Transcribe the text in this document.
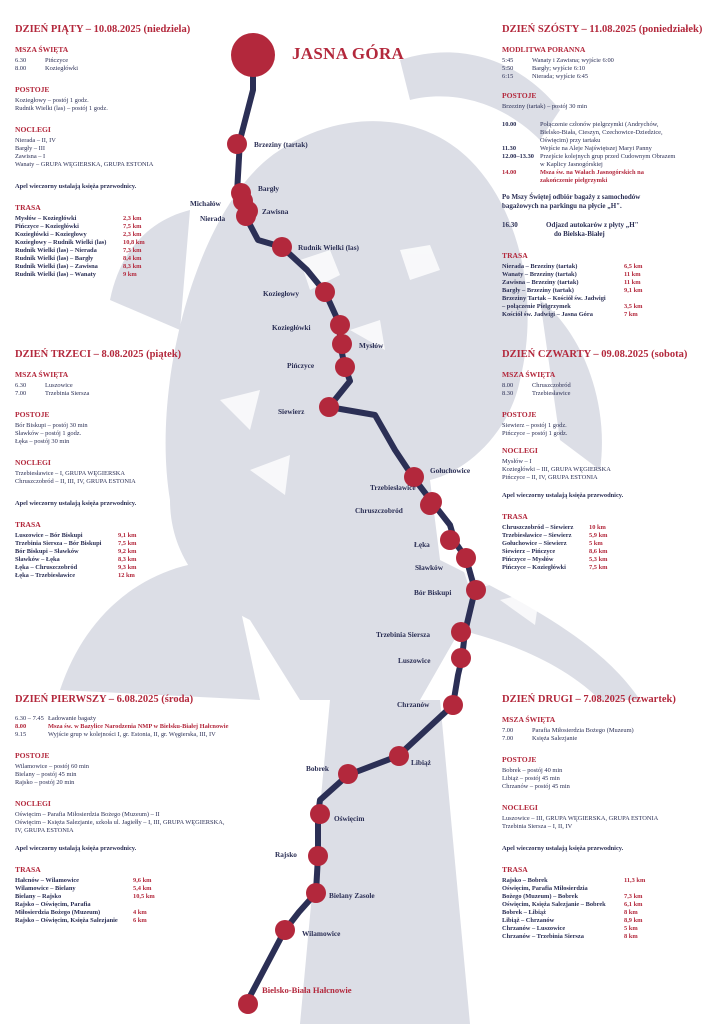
JASNA GÓRA
Bielsko-Biała Hałcnowie
Brzeziny (tartak)
Bargły
Michałów
Zawisna
Nierada
Rudnik Wielki (las)
Koziegłowy
Koziegłówki
Mysłów
Pińczyce
Siewierz
Gołuchowice
Trzebiesławice
Chruszczobród
Łęka
Sławków
Bór Biskupi
Trzebinia Siersza
Luszowice
Chrzanów
Libiąż
Bobrek
Oświęcim
Rajsko
Bielany Zasole
Wilamowice
DZIEŃ PIĄTY – 10.08.2025 (niedziela)
MSZA ŚWIĘTA
6.30	Pińczyce
8.00	Koziegłówki
POSTOJE
Koziegłowy – postój 1 godz.
Rudnik Wielki (las) – postój 1 godz.
NOCLEGI
Nierada – II, IV
Bargły – III
Zawisna – I
Wanaty – GRUPA WĘGIERSKA, GRUPA ESTONIA
Apel wieczorny ustalają księża przewodnicy.
TRASA
Mysłów – Koziegłówki	2,3 km
Pińczyce – Koziegłówki	7,5 km
Koziegłówki – Koziegłowy	2,3 km
Koziegłowy – Rudnik Wielki (las)	10,8 km
Rudnik Wielki (las) – Nierada	7,3 km
Rudnik Wielki (las) – Bargły	8,4 km
Rudnik Wielki (las) – Zawisna	8,3 km
Rudnik Wielki (las) – Wanaty	9 km
DZIEŃ TRZECI – 8.08.2025 (piątek)
MSZA ŚWIĘTA
6.30	Luszowice
7.00	Trzebinia Siersza
POSTOJE
Bór Biskupi – postój 30 min
Sławków – postój 1 godz.
Łęka – postój 30 min
NOCLEGI
Trzebiesławice – I, GRUPA WĘGIERSKA
Chruszczobród – II, III, IV, GRUPA ESTONIA
Apel wieczorny ustalają księża przewodnicy.
TRASA
Luszowice – Bór Biskupi	9,1 km
Trzebinia Siersza – Bór Biskupi	7,5 km
Bór Biskupi – Sławków	9,2 km
Sławków – Łęka	8,3 km
Łęka – Chruszczobród	9,3 km
Łęka – Trzebiesławice	12 km
DZIEŃ PIERWSZY – 6.08.2025 (środa)
6.30 – 7.45 Ładowanie bagaży
8.00	Msza św. w Bazylice Narodzenia NMP w Bielsku-Białej Hałcnowie
9.15	Wyjście grup w kolejności I, gr. Estonia, II, gr. Węgierska, III, IV
POSTOJE
Wilamowice – postój 60 min
Bielany – postój 45 min
Rajsko – postój 20 min
NOCLEGI
Oświęcim – Parafia Miłosierdzia Bożego (Muzeum) – II
Oświęcim – Księża Salezjanie, szkoła ul. Jagiełły – I, III, GRUPA WĘGIERSKA,
IV, GRUPA ESTONIA
Apel wieczorny ustalają księża przewodnicy.
TRASA
Hałcnów – Wilamowice	9,6 km
Wilamowice – Bielany	5,4 km
Bielany – Rajsko	10,5 km
Rajsko – Oświęcim, Parafia
Miłosierdzia Bożego (Muzeum)	4 km
Rajsko – Oświęcim, Księża Salezjanie	6 km
DZIEŃ SZÓSTY – 11.08.2025 (poniedziałek)
MODLITWA PORANNA
5:45	Wanaty i Zawisna; wyjście 6:00
5:50	Bargły; wyjście 6:10
6:15	Nierada; wyjście 6:45
POSTOJE
Brzeziny (tartak) – postój 30 min
10.00	Połączenie członów pielgrzymki (Andrychów,
Bielsko-Biała, Cieszyn, Czechowice-Dziedzice,
Oświęcim) przy tartaku
11.30	Wejście na Aleje Najświętszej Maryi Panny
12.00–13.30 Przejście kolejnych grup przed Cudownym Obrazem
w Kaplicy Jasnogórskiej
14.00	Msza św. na Wałach Jasnogórskich na
zakończenie pielgrzymki
Po Mszy Świętej odbiór bagaży z samochodów
bagażowych na parkingu na płycie „H".
16.30	Odjazd autokarów z płyty „H"
do Bielska-Białej
TRASA
Nierada – Brzeziny (tartak)	6,5 km
Wanaty – Brzeziny (tartak)	11 km
Zawisna – Brzeziny (tartak)	11 km
Bargły – Brzeziny (tartak)	9,1 km
Brzeziny Tartak – Kościół św. Jadwigi
– połączenie Pielgrzymek	3,5 km
Kościół św. Jadwigi – Jasna Góra	7 km
DZIEŃ CZWARTY – 09.08.2025 (sobota)
MSZA ŚWIĘTA
8.00	Chruszczobród
8.30	Trzebiesławice
POSTOJE
Siewierz – postój 1 godz.
Pińczyce – postój 1 godz.
NOCLEGI
Mysłów – I
Koziegłówki – III, GRUPA WĘGIERSKA
Pińczyce – II, IV, GRUPA ESTONIA
Apel wieczorny ustalają księża przewodnicy.
TRASA
Chruszczobród – Siewierz	10 km
Trzebiesławice – Siewierz	5,9 km
Gołuchowice – Siewierz	5 km
Siewierz – Pińczyce	8,6 km
Pińczyce – Mysłów	5,3 km
Pińczyce – Koziegłówki	7,5 km
DZIEŃ DRUGI – 7.08.2025 (czwartek)
MSZA ŚWIĘTA
7.00	Parafia Miłosierdzia Bożego (Muzeum)
7.00	Księża Salezjanie
POSTOJE
Bobrek – postój 40 min
Libiąż – postój 45 min
Chrzanów – postój 45 min
NOCLEGI
Luszowice – III, GRUPA WĘGIERSKA, GRUPA ESTONIA
Trzebinia Siersza – I, II, IV
Apel wieczorny ustalają księża przewodnicy.
TRASA
Rajsko – Bobrek	11,3 km
Oświęcim, Parafia Miłosierdzia
Bożego (Muzeum) – Bobrek	7,3 km
Oświęcim, Księża Salezjanie – Bobrek	6,1 km
Bobrek – Libiąż	8 km
Libiąż – Chrzanów	8,9 km
Chrzanów – Luszowice	5 km
Chrzanów – Trzebinia Siersza	8 km
